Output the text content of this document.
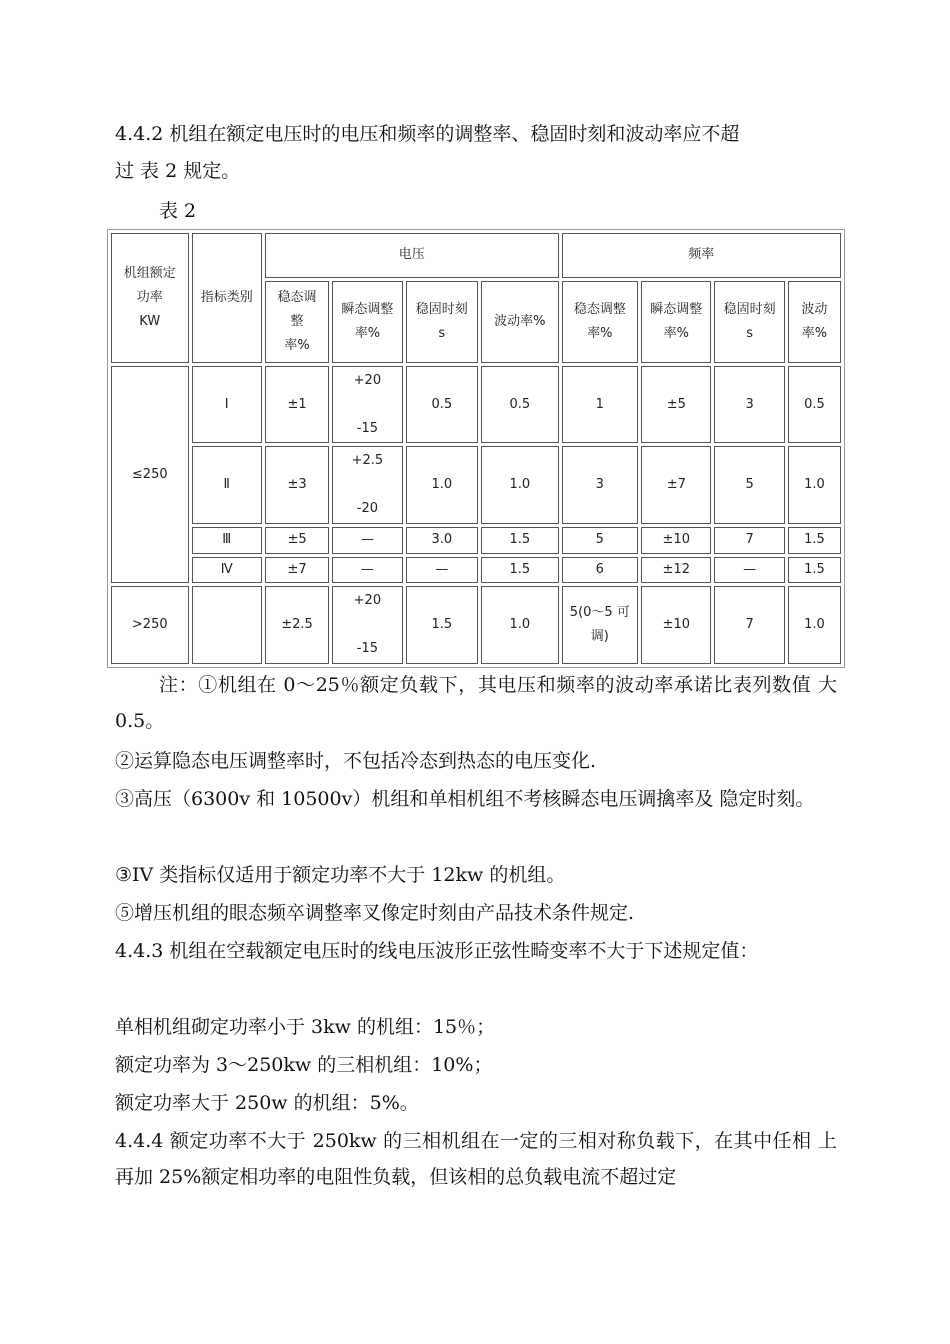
4.4.2 机组在额定电压时的电压和频率的调整率、稳固时刻和波动率应不超
过 表 2 规定。
表 2
机组额定
功率
KW	指标类别	电压				频率			

		稳态调
整
率%	瞬态调整
率%	稳固时刻
s	波动率%	稳态调整
率%	瞬态调整
率%	稳固时刻
s	波动
率%

≤250	Ⅰ	±1	+20

-15	0.5	0.5	1	±5	3	0.5
	Ⅱ	±3	+2.5

-20	1.0	1.0	3	±7	5	1.0
	Ⅲ	±5	—	3.0	1.5	5	±10	7	1.5
	Ⅳ	±7	—	—	1.5	6	±12	—	1.5
>250		±2.5	+20

-15	1.5	1.0	5(0～5 可
调)	±10	7	1.0
注：①机组在 0～25％额定负载下，其电压和频率的波动率承诺比表列数值 大 0.5。
②运算隐态电压调整率时，不包括冷态到热态的电压变化.
③高压（6300v 和 10500v）机组和单相机组不考核瞬态电压调擒率及 隐定时刻。
③IV 类指标仅适用于额定功率不大于 12kw 的机组。
⑤增压机组的眼态频卒调整率叉像定时刻由产品技术条件规定.
4.4.3 机组在空载额定电压时的线电压波形正弦性畸变率不大于下述规定值：
单相机组砌定功率小于 3kw 的机组：15％；
额定功率为 3～250kw 的三相机组：10%；
额定功率大于 250w 的机组：5%。
4.4.4 额定功率不大于 250kw 的三相机组在一定的三相对称负载下，在其中任相 上再加 25%额定相功率的电阻性负载，但该相的总负载电流不超过定
